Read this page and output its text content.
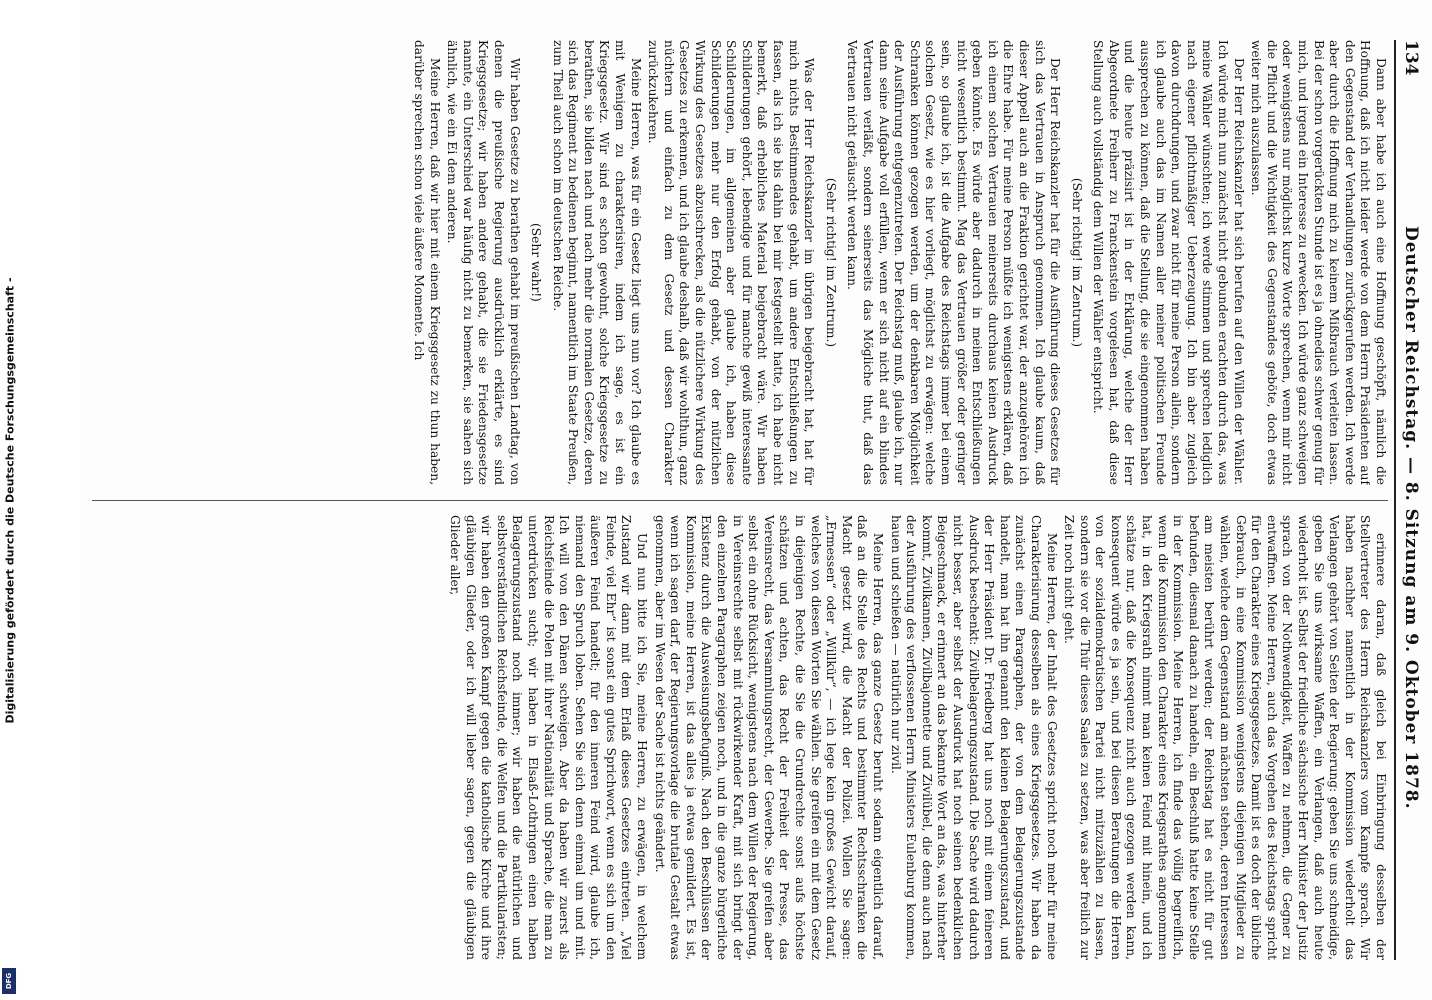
Digitalisierung gefördert durch die Deutsche Forschungsgemeinschaft -
DFG
134
Deutscher Reichstag. — 8. Sitzung am 9. Oktober 1878.

Dann aber habe ich auch eine Hoffnung geschöpft, nämlich die Hoffnung, daß ich nicht leider werde von dem Herrn Präsidenten auf den Gegenstand der Verhandlungen zurückgerufen werden. Ich werde aber durch die Hoffnung mich zu keinem Mißbrauch verleiten lassen. Bei der schon vorgerückten Stunde ist es ja ohnedies schwer genug für mich, und irgend ein Interesse zu erwecken. Ich würde ganz schweigen oder wenigstens nur möglichst kurze Worte sprechen, wenn mir nicht die Pflicht und die Wichtigkeit des Gegenstandes geböte, doch etwas weiter mich auszulassen.

Der Herr Reichskanzler hat sich berufen auf den Willen der Wähler. Ich würde mich nun zunächst nicht gebunden erachten durch das, was meine Wähler wünschten; ich werde stimmen und sprechen lediglich nach eigener pflichtmäßiger Ueberzeugung. Ich bin aber zugleich davon durchdrungen, und zwar nicht für meine Person allein, sondern ich glaube auch das im Namen aller meiner politischen Freunde aussprechen zu können, daß die Stellung, die sie eingenommen haben und die heute präzisirt ist in der Erklärung, welche der Herr Abgeordnete Freiherr zu Franckenstein vorgelesen hat, daß diese Stellung auch vollständig dem Willen der Wähler entspricht.

(Sehr richtig! im Zentrum.)

Der Herr Reichskanzler hat für die Ausführung dieses Gesetzes für sich das Vertrauen in Anspruch genommen. Ich glaube kaum, daß dieser Appell auch an die Fraktion gerichtet war, der anzugehören ich die Ehre habe. Für meine Person müßte ich wenigstens erklären, daß ich einem solchen Vertrauen meinerseits durchaus keinen Ausdruck geben könnte. Es würde aber dadurch in meinen Entschließungen nicht wesentlich bestimmt. Mag das Vertrauen größer oder geringer sein, so glaube ich, ist die Aufgabe des Reichstags immer bei einem solchen Gesetz, wie es hier vorliegt, möglichst zu erwägen: welche Schranken können gezogen werden, um der denkbaren Möglichkeit der Ausführung entgegenzutreten. Der Reichstag muß, glaube ich, nur dann seine Aufgabe voll erfüllen, wenn er sich nicht auf ein blindes Vertrauen verläßt, sondern seinerseits das Mögliche thut, daß das Vertrauen nicht getäuscht werden kann.

(Sehr richtig! im Zentrum.)

Was der Herr Reichskanzler im übrigen beigebracht hat, hat für mich nichts Bestimmendes gehabt, um andere Entschließungen zu fassen, als ich sie bis dahin bei mir festgestellt hatte, ich habe nicht bemerkt, daß erhebliches Material beigebracht wäre. Wir haben Schilderungen gehört, lebendige und für manche gewiß interessante Schilderungen, im allgemeinen aber glaube ich, haben diese Schilderungen mehr nur den Erfolg gehabt, von der nützlichen Wirkung des Gesetzes abzuschrecken, als die nützlichere Wirkung des Gesetzes zu erkennen, und ich glaube deshalb, daß wir wohlthun, ganz nüchtern und einfach zu dem Gesetz und dessen Charakter zurückzukehren.

Meine Herren, was für ein Gesetz liegt uns nun vor? Ich glaube es mit Wenigem zu charakterisiren, indem ich sage, es ist ein Kriegsgesetz. Wir sind es schon gewohnt, solche Kriegsgesetze zu berathen, sie bilden nach und nach mehr die normalen Gesetze, deren sich das Regiment zu bedienen beginnt, namentlich im Staate Preußen, zum Theil auch schon im deutschen Reiche.

(Sehr wahr!)

Wir haben Gesetze zu berathen gehabt im preußischen Landtag, von denen die preußische Regierung ausdrücklich erklärte, es sind Kriegsgesetze; wir haben andere gehabt, die sie Friedensgesetze nannte, ein Unterschied war häufig nicht zu bemerken, sie sahen sich ähnlich, wie ein Ei dem anderen.

Meine Herren, daß wir hier mit einem Kriegsgesetz zu thun haben, darüber sprechen schon viele äußere Momente. Ich

erinnere daran, daß gleich bei Einbringung desselben der Stellvertreter des Herrn Reichskanzlers vom Kampfe sprach. Wir haben nachher namentlich in der Kommission wiederholt das Verlangen gehört von Seiten der Regierung: geben Sie uns schneidige, geben Sie uns wirksame Waffen, ein Verlangen, daß auch heute wiederholt ist. Selbst der friedliche sächsische Herr Minister der Justiz sprach von der Nothwendigkeit, Waffen zu nehmen, die Gegner zu entwaffnen. Meine Herren, auch das Vorgehen des Reichstags spricht für den Charakter eines Kriegsgesetzes. Damit ist es doch der übliche Gebrauch, in eine Kommission wenigstens diejenigen Mitglieder zu wählen, welche dem Gegenstand am nächsten stehen, deren Interessen am meisten berührt werden; der Reichstag hat es nicht für gut befunden, diesmal danach zu handeln, ein Beschluß hatte keine Stelle in der Kommission. Meine Herren, ich finde das völlig begreiflich, wenn die Kommission den Charakter eines Kriegsrathes angenommen hat, in den Kriegsrath nimmt man keinen Feind mit hinein, und ich schätze nur, daß die Konsequenz nicht auch gezogen werden kann, konsequent würde es ja sein, und bei diesen Beratungen die Herren von der sozialdemokratischen Partei nicht mitzuzählen zu lassen, sondern sie vor die Thür dieses Saales zu setzen, was aber freilich zur Zeit noch nicht geht.

Meine Herren, der Inhalt des Gesetzes spricht noch mehr für meine Charakterisirung desselben als eines Kriegsgesetzes. Wir haben da zunächst einen Paragraphen, der von dem Belagerungszustande handelt, man hat ihn genannt den kleinen Belagerungszustand, und der Herr Präsident Dr. Friedberg hat uns noch mit einem feineren Ausdruck beschenkt: Zivilbelagerungszustand. Die Sache wird dadurch nicht besser, aber selbst der Ausdruck hat noch seinen bedenklichen Beigeschmack, er erinnert an das bekannte Wort an das, was hinterher kommt, Zivilkannen, Zivilbajonnette und Zivilübel, die denn auch nach der Ausführung des verflossenen Herrn Ministers Eulenburg kommen, hauen und schießen — natürlich nur zivil.

Meine Herren, das ganze Gesetz beruht sodann eigentlich darauf, daß an die Stelle des Rechts und bestimmter Rechtsschranken die Macht gesetzt wird, die Macht der Polizei. Wollen Sie sagen: „Ermessen“ oder „Willkür“, — ich lege kein großes Gewicht darauf, welches von diesen Worten Sie wählen. Sie greifen ein mit dem Gesetz in diejenigen Rechte, die Sie die Grundrechte sonst aufs höchste schätzen und achten, das Recht der Freiheit der Presse, das Vereinsrecht, das Versammlungsrecht, der Gewerbe. Sie greifen aber selbst ein ohne Rücksicht, wenigstens nach dem Willen der Regierung, in Vereinsrechte selbst mit rückwirkender Kraft, mit sich bringt der den einzelnen Paragraphen zeigen noch, und in die ganze bürgerliche Existenz durch die Ausweisungsbefugniß. Nach den Beschlüssen der Kommission, meine Herren, ist das alles ja etwas gemildert. Es ist, wenn ich sagen darf, der Regierungsvorlage die brutale Gestalt etwas genommen, aber im Wesen der Sache ist nichts geändert.

Und nun bitte ich Sie, meine Herren, zu erwägen, in welchem Zustand wir dann mit dem Erlaß dieses Gesetzes eintreten. „Viel Feinde, viel Ehr“ ist sonst ein gutes Sprichwort, wenn es sich um den äußeren Feind handelt; für den inneren Feind wird, glaube ich, niemand den Spruch loben. Sehen Sie sich denn einmal um und mit. Ich will von den Dänen schweigen. Aber da haben wir zuerst als Reichsfeinde die Polen mit ihrer Nationalität und Sprache, die man zu unterdrücken sucht; wir haben in Elsaß-Lothringen einen halben Belagerungszustand noch immer; wir haben die natürlichen und selbstverständlichen Reichsfeinde, die Welfen und die Partikularisten; wir haben den großen Kampf gegen die katholische Kirche und ihre gläubigen Glieder, oder ich will lieber sagen, gegen die gläubigen Glieder aller,
